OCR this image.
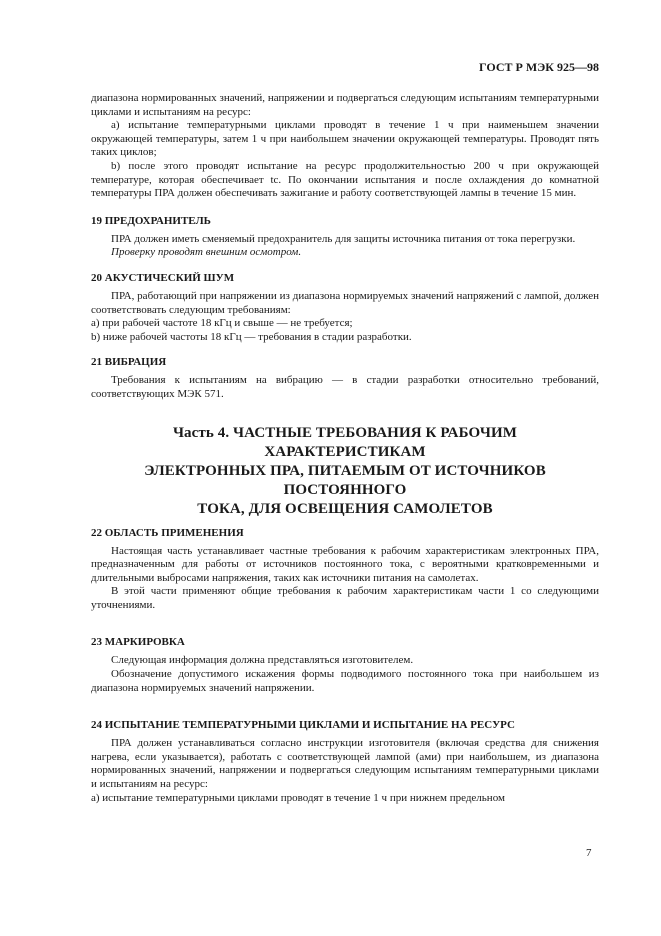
ГОСТ Р МЭК 925—98

диапазона нормированных значений, напряжении и подвергаться следующим испытаниям температурными циклами и испытаниям на ресурс:

a) испытание температурными циклами проводят в течение 1 ч при наименьшем значении окружающей температуры, затем 1 ч при наибольшем значении окружающей температуры. Проводят пять таких циклов;

b) после этого проводят испытание на ресурс продолжительностью 200 ч при окружающей температуре, которая обеспечивает tc. По окончании испытания и после охлаждения до комнатной температуры ПРА должен обеспечивать зажигание и работу соответствующей лампы в течение 15 мин.

19 ПРЕДОХРАНИТЕЛЬ

ПРА должен иметь сменяемый предохранитель для защиты источника питания от тока перегрузки.

Проверку проводят внешним осмотром.

20 АКУСТИЧЕСКИЙ ШУМ

ПРА, работающий при напряжении из диапазона нормируемых значений напряжений с лампой, должен соответствовать следующим требованиям:

a) при рабочей частоте 18 кГц и свыше — не требуется;

b) ниже рабочей частоты 18 кГц — требования в стадии разработки.

21 ВИБРАЦИЯ

Требования к испытаниям на вибрацию — в стадии разработки относительно требований, соответствующих МЭК 571.

Часть 4. ЧАСТНЫЕ ТРЕБОВАНИЯ К РАБОЧИМ ХАРАКТЕРИСТИКАМ
ЭЛЕКТРОННЫХ ПРА, ПИТАЕМЫМ ОТ ИСТОЧНИКОВ ПОСТОЯННОГО
ТОКА, ДЛЯ ОСВЕЩЕНИЯ САМОЛЕТОВ
22 ОБЛАСТЬ ПРИМЕНЕНИЯ

Настоящая часть устанавливает частные требования к рабочим характеристикам электронных ПРА, предназначенным для работы от источников постоянного тока, с вероятными кратковременными и длительными выбросами напряжения, таких как источники питания на самолетах.

В этой части применяют общие требования к рабочим характеристикам части 1 со следующими уточнениями.

23 МАРКИРОВКА

Следующая информация должна представляться изготовителем.

Обозначение допустимого искажения формы подводимого постоянного тока при наибольшем из диапазона нормируемых значений напряжении.

24 ИСПЫТАНИЕ ТЕМПЕРАТУРНЫМИ ЦИКЛАМИ И ИСПЫТАНИЕ НА РЕСУРС

ПРА должен устанавливаться согласно инструкции изготовителя (включая средства для снижения нагрева, если указывается), работать с соответствующей лампой (ами) при наибольшем, из диапазона нормированных значений, напряжении и подвергаться следующим испытаниям температурными циклами и испытаниям на ресурс:

a) испытание температурными циклами проводят в течение 1 ч при нижнем предельном

7
